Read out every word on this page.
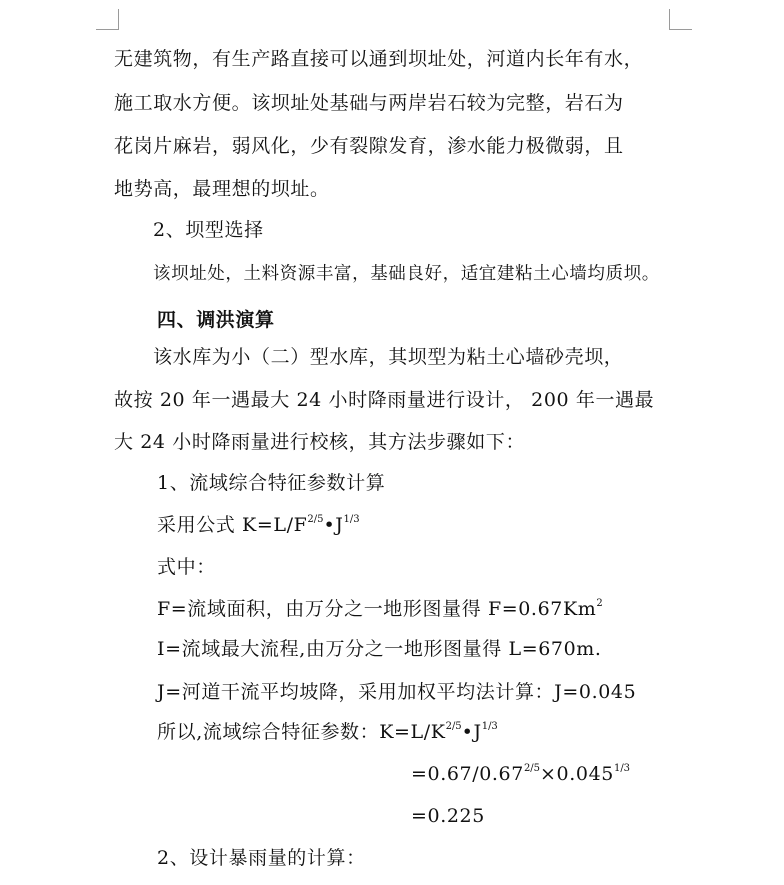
无建筑物，有生产路直接可以通到坝址处，河道内长年有水，
施工取水方便。该坝址处基础与两岸岩石较为完整，岩石为
花岗片麻岩，弱风化，少有裂隙发育，渗水能力极微弱，且
地势高，最理想的坝址。
2、坝型选择
该坝址处，土料资源丰富，基础良好，适宜建粘土心墙均质坝。
四、调洪演算
该水库为小（二）型水库，其坝型为粘土心墙砂壳坝，
故按 20 年一遇最大 24 小时降雨量进行设计， 200 年一遇最
大 24 小时降雨量进行校核，其方法步骤如下：
1、流域综合特征参数计算
采用公式 $K=L/F^{2/5}•J^{1/3}$
式中：
F=流域面积，由万分之一地形图量得 $F=0.67Km^2$
I=流域最大流程,由万分之一地形图量得 L=670m.
J=河道干流平均坡降，采用加权平均法计算：J=0.045
所以,流域综合特征参数：$K=L/K^{2/5}•J^{1/3}$
$=0.67/0.67^{2/5}\times 0.045^{1/3}$
=0.225
2、设计暴雨量的计算：
